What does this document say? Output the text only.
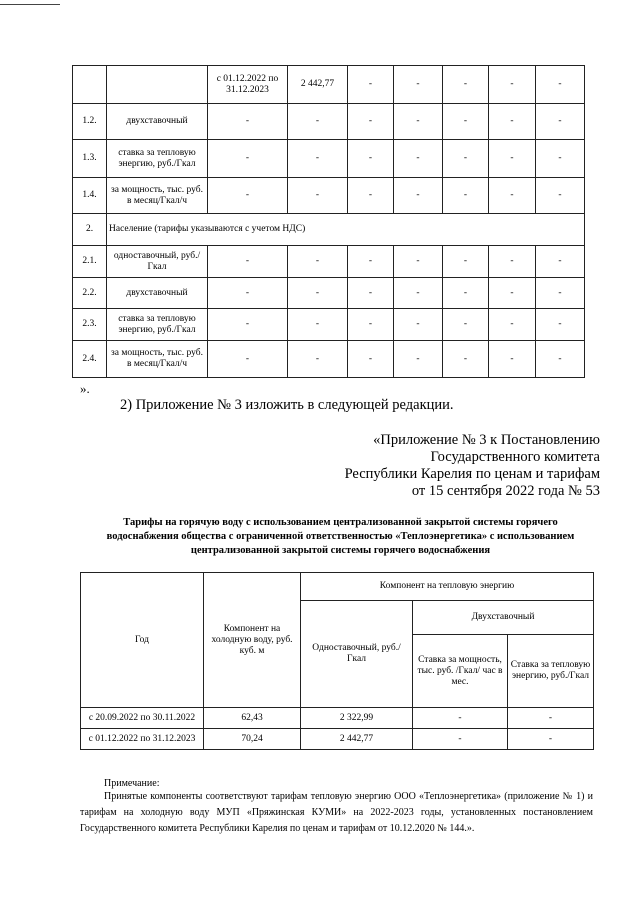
		с 01.12.2022 по 31.12.2023	2 442,77	-	-	-	-	-
1.2.	двухставочный	-	-	-	-	-	-	-
1.3.	ставка за тепловую энергию, руб./Гкал	-	-	-	-	-	-	-
1.4.	за мощность, тыс. руб. в месяц/Гкал/ч	-	-	-	-	-	-	-
2.	Население (тарифы указываются с учетом НДС)							
2.1.	одноставочный, руб./Гкал	-	-	-	-	-	-	-
2.2.	двухставочный	-	-	-	-	-	-	-
2.3.	ставка за тепловую энергию, руб./Гкал	-	-	-	-	-	-	-
2.4.	за мощность, тыс. руб. в месяц/Гкал/ч	-	-	-	-	-	-	-
».
2) Приложение № 3 изложить в следующей редакции.
«Приложение № 3 к Постановлению
Государственного комитета
Республики Карелия по ценам и тарифам
от 15 сентября 2022 года № 53
Тарифы на горячую воду с использованием централизованной закрытой системы горячего водоснабжения общества с ограниченной ответственностью «Теплоэнергетика» с использованием централизованной закрытой системы горячего водоснабжения
Год	Компонент на холодную воду, руб. куб. м	Компонент на тепловую энергию		
		Одноставочный, руб./Гкал	Двухставочный	
			Ставка за мощность, тыс. руб. /Гкал/ час в мес.	Ставка за тепловую энергию, руб./Гкал
с 20.09.2022 по 30.11.2022	62,43	2 322,99	-	-
с 01.12.2022 по 31.12.2023	70,24	2 442,77	-	-
Примечание:
Принятые компоненты соответствуют тарифам тепловую энергию ООО «Теплоэнергетика» (приложение № 1) и тарифам на холодную воду МУП «Пряжинская КУМИ» на 2022-2023 годы, установленных постановлением Государственного комитета Республики Карелия по ценам и тарифам от 10.12.2020 № 144.».
